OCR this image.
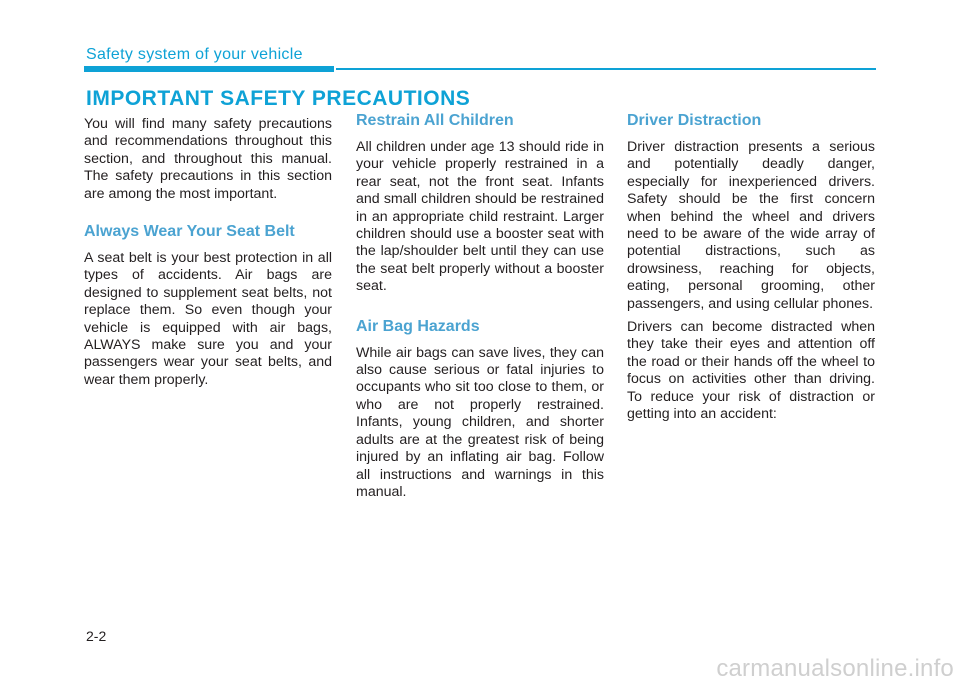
Safety system of your vehicle
IMPORTANT SAFETY PRECAUTIONS

You will find many safety precautions and recommendations throughout this section, and throughout this manual. The safety precautions in this section are among the most important.

Always Wear Your Seat Belt

A seat belt is your best protection in all types of accidents. Air bags are designed to supplement seat belts, not replace them. So even though your vehicle is equipped with air bags, ALWAYS make sure you and your passengers wear your seat belts, and wear them properly.

Restrain All Children

All children under age 13 should ride in your vehicle properly restrained in a rear seat, not the front seat. Infants and small children should be restrained in an appropriate child restraint. Larger children should use a booster seat with the lap/shoulder belt until they can use the seat belt properly without a booster seat.

Air Bag Hazards

While air bags can save lives, they can also cause serious or fatal injuries to occupants who sit too close to them, or who are not properly restrained. Infants, young children, and shorter adults are at the greatest risk of being injured by an inflating air bag. Follow all instructions and warnings in this manual.

Driver Distraction

Driver distraction presents a serious and potentially deadly danger, especially for inexperienced drivers. Safety should be the first concern when behind the wheel and drivers need to be aware of the wide array of potential distractions, such as drowsiness, reaching for objects, eating, personal grooming, other passengers, and using cellular phones.

Drivers can become distracted when they take their eyes and attention off the road or their hands off the wheel to focus on activities other than driving. To reduce your risk of distraction or getting into an accident:

2-2
carmanualsonline.info
